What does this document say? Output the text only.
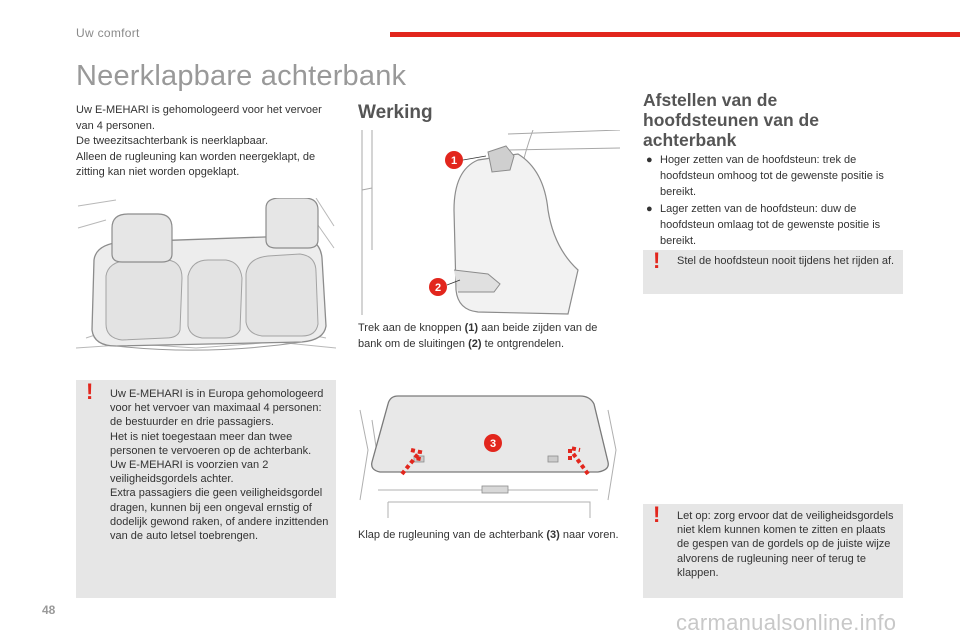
Uw comfort
Neerklapbare achterbank

Uw E-MEHARI is gehomologeerd voor het vervoer van 4 personen.

De tweezitsachterbank is neerklapbaar.

Alleen de rugleuning kan worden neergeklapt, de zitting kan niet worden opgeklapt.

! Uw E-MEHARI is in Europa gehomologeerd voor het vervoer van maximaal 4 personen: de bestuurder en drie passagiers.

Het is niet toegestaan meer dan twee personen te vervoeren op de achterbank.

Uw E-MEHARI is voorzien van 2 veiligheidsgordels achter.

Extra passagiers die geen veiligheidsgordel dragen, kunnen bij een ongeval ernstig of dodelijk gewond raken, of andere inzittenden van de auto letsel toebrengen.

Werking
1
2

Trek aan de knoppen (1) aan beide zijden van de bank om de sluitingen (2) te ontgrendelen.

3

Klap de rugleuning van de achterbank (3) naar voren.

Afstellen van de
hoofdsteunen van de
achterbank
● Hoger zetten van de hoofdsteun: trek de hoofdsteun omhoog tot de gewenste positie is bereikt.
● Lager zetten van de hoofdsteun: duw de hoofdsteun omlaag tot de gewenste positie is bereikt.
! Stel de hoofdsteun nooit tijdens het rijden af.

! Let op: zorg ervoor dat de veiligheidsgordels niet klem kunnen komen te zitten en plaats de gespen van de gordels op de juiste wijze alvorens de rugleuning neer of terug te klappen.

48	carmanualsonline.info
